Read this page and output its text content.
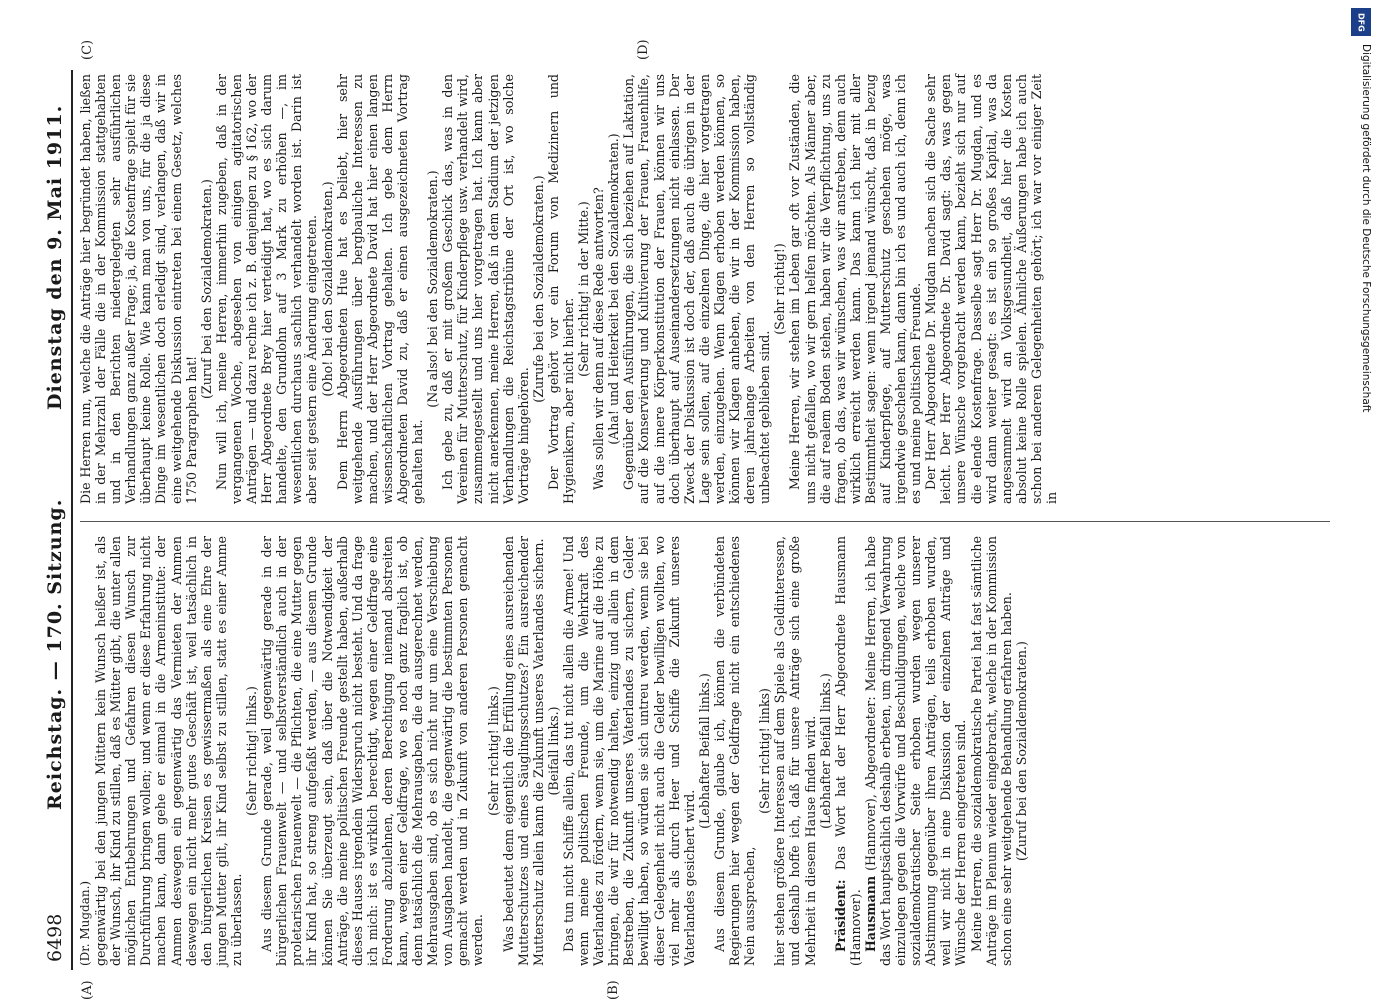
6498
Reichstag. — 170. Sitzung.
Dienstag den 9. Mai 1911.
(A)	(B)
(C)	(D)

(Dr. Mugdan.) gegenwärtig bei den jungen Müttern kein Wunsch heißer ist, als der Wunsch, ihr Kind zu stillen, daß es Mütter gibt, die unter allen möglichen Entbehrungen und Gefahren diesen Wunsch zur Durchführung bringen wollen; und wenn er diese Erfahrung nicht machen kann, dann gehe er einmal in die Armeninstitute: der Ammen deswegen ein gegenwärtig das Vermieten der Ammen deswegen ein nicht mehr gutes Geschäft ist, weil tatsächlich in den bürgerlichen Kreisen es gewissermaßen als eine Ehre der jungen Mutter gilt, ihr Kind selbst zu stillen, statt es einer Amme zu überlassen.

(Sehr richtig! links.) Aus diesem Grunde gerade, weil gegenwärtig gerade in der bürgerlichen Frauenwelt — und selbstverständlich auch in der proletarischen Frauenwelt — die Pflichten, die eine Mutter gegen ihr Kind hat, so streng aufgefaßt werden, — aus diesem Grunde können Sie überzeugt sein, daß über die Notwendigkeit der Anträge, die meine politischen Freunde gestellt haben, außerhalb dieses Hauses irgendein Widerspruch nicht besteht. Und da frage ich mich: ist es wirklich berechtigt, wegen einer Geldfrage eine Forderung abzulehnen, deren Berechtigung niemand abstreiten kann, wegen einer Geldfrage, wo es noch ganz fraglich ist, ob denn tatsächlich die Mehrausgaben, die da ausgerechnet werden, Mehrausgaben sind, ob es sich nicht nur um eine Verschiebung von Ausgaben handelt, die gegenwärtig die bestimmten Personen gemacht werden und in Zukunft von anderen Personen gemacht werden.

(Sehr richtig! links.) Was bedeutet denn eigentlich die Erfüllung eines ausreichenden Mutterschutzes und eines Säuglingsschutzes? Ein ausreichender Mutterschutz allein kann die Zukunft unseres Vaterlandes sichern. (Beifall links.) Das tun nicht Schiffe allein, das tut nicht allein die Armee! Und wenn meine politischen Freunde, um die Wehrkraft des Vaterlandes zu fördern, wenn sie, um die Marine auf die Höhe zu bringen, die wir für notwendig halten, einzig und allein in dem Bestreben, die Zukunft unseres Vaterlandes zu sichern, Gelder bewilligt haben, so würden sie sich untreu werden, wenn sie bei dieser Gelegenheit nicht auch die Gelder bewilligen wollten, wo viel mehr als durch Heer und Schiffe die Zukunft unseres Vaterlandes gesichert wird.

(Lebhafter Beifall links.) Aus diesem Grunde, glaube ich, können die verbündeten Regierungen hier wegen der Geldfrage nicht ein entschiedenes Nein aussprechen,

(Sehr richtig! links) hier stehen größere Interessen auf dem Spiele als Geldinteressen, und deshalb hoffe ich, daß für unsere Anträge sich eine große Mehrheit in diesem Hause finden wird. (Lebhafter Beifall links.)

Präsident: Das Wort hat der Herr Abgeordnete Hausmann (Hannover). Hausmann (Hannover), Abgeordneter: Meine Herren, ich habe das Wort hauptsächlich deshalb erbeten, um dringend Verwahrung einzulegen gegen die Vorwürfe und Beschuldigungen, welche von sozialdemokratischer Seite erhoben wurden wegen unserer Abstimmung gegenüber ihren Anträgen, teils erhoben wurden, weil wir nicht in eine Diskussion der einzelnen Anträge und Wünsche der Herren eingetreten sind. Meine Herren, die sozialdemokratische Partei hat fast sämtliche Anträge im Plenum wieder eingebracht, welche in der Kommission schon eine sehr weitgehende Behandlung erfahren haben. (Zuruf bei den Sozialdemokraten.)

Die Herren nun, welche die Anträge hier begründet haben, ließen in der Mehrzahl der Fälle die in der Kommission stattgehabten und in den Berichten niedergelegten sehr ausführlichen Verhandlungen ganz außer Frage; ja, die Kostenfrage spielt für sie überhaupt keine Rolle. Wie kann man von uns, für die ja diese Dinge im wesentlichen doch erledigt sind, verlangen, daß wir in eine weitgehende Diskussion eintreten bei einem Gesetz, welches 1750 Paragraphen hat!

(Zuruf bei den Sozialdemokraten.) Nun will ich, meine Herren, immerhin zugeben, daß in der vergangenen Woche, abgesehen von einigen agitatorischen Anträgen — und dazu rechne ich z. B. denjenigen zu § 162, wo der Herr Abgeordnete Brey hier verteidigt hat, wo es sich darum handelte, den Grundlohn auf 3 Mark zu erhöhen —, im wesentlichen durchaus sachlich verhandelt worden ist. Darin ist aber seit gestern eine Änderung eingetreten. (Oho! bei den Sozialdemokraten.) Dem Herrn Abgeordneten Hue hat es beliebt, hier sehr weitgehende Ausführungen über bergbauliche Interessen zu machen, und der Herr Abgeordnete David hat hier einen langen wissenschaftlichen Vortrag gehalten. Ich gebe dem Herrn Abgeordneten David zu, daß er einen ausgezeichneten Vortrag gehalten hat.

(Na also! bei den Sozialdemokraten.) Ich gebe zu, daß er mit großem Geschick das, was in den Vereinen für Mutterschutz, für Kinderpflege usw. verhandelt wird, zusammengestellt und uns hier vorgetragen hat. Ich kann aber nicht anerkennen, meine Herren, daß in dem Stadium der jetzigen Verhandlungen die Reichstagstribüne der Ort ist, wo solche Vorträge hingehören.

(Zurufe bei den Sozialdemokraten.) Der Vortrag gehört vor ein Forum von Medizinern und Hygienikern, aber nicht hierher.

(Sehr richtig! in der Mitte.) Was sollen wir denn auf diese Rede antworten? (Aha! und Heiterkeit bei den Sozialdemokraten.) Gegenüber den Ausführungen, die sich beziehen auf Laktation, auf die Konservierung und Kultivierung der Frauen, Frauenhilfe, auf die innere Körperkonstitution der Frauen, können wir uns doch überhaupt auf Auseinandersetzungen nicht einlassen. Der Zweck der Diskussion ist doch der, daß auch die übrigen in der Lage sein sollen, auf die einzelnen Dinge, die hier vorgetragen werden, einzugehen. Wenn Klagen erhoben werden können, so können wir Klagen anheben, die wir in der Kommission haben, deren jahrelange Arbeiten von den Herren so vollständig unbeachtet geblieben sind.

(Sehr richtig!) Meine Herren, wir stehen im Leben gar oft vor Zuständen, die uns nicht gefallen, wo wir gern helfen möchten. Als Männer aber, die auf realem Boden stehen, haben wir die Verpflichtung, uns zu fragen, ob das, was wir wünschen, was wir anstreben, denn auch wirklich erreicht werden kann. Das kann ich hier mit aller Bestimmtheit sagen: wenn irgend jemand wünscht, daß in bezug auf Kinderpflege, auf Mutterschutz geschehen möge, was irgendwie geschehen kann, dann bin ich es und auch ich, denn ich es und meine politischen Freunde. Der Herr Abgeordnete Dr. Mugdan machen sich die Sache sehr leicht. Der Herr Abgeordnete Dr. David sagt: das, was gegen unsere Wünsche vorgebracht werden kann, bezieht sich nur auf die elende Kostenfrage. Dasselbe sagt Herr Dr. Mugdan, und es wird dann weiter gesagt: es ist ein so großes Kapital, was da angesammelt wird an Volksgesundheit, daß hier die Kosten absolut keine Rolle spielen. Ähnliche Äußerungen habe ich auch schon bei anderen Gelegenheiten gehört; ich war vor einiger Zeit in

DFG
Digitalisierung gefördert durch die Deutsche Forschungsgemeinschaft
